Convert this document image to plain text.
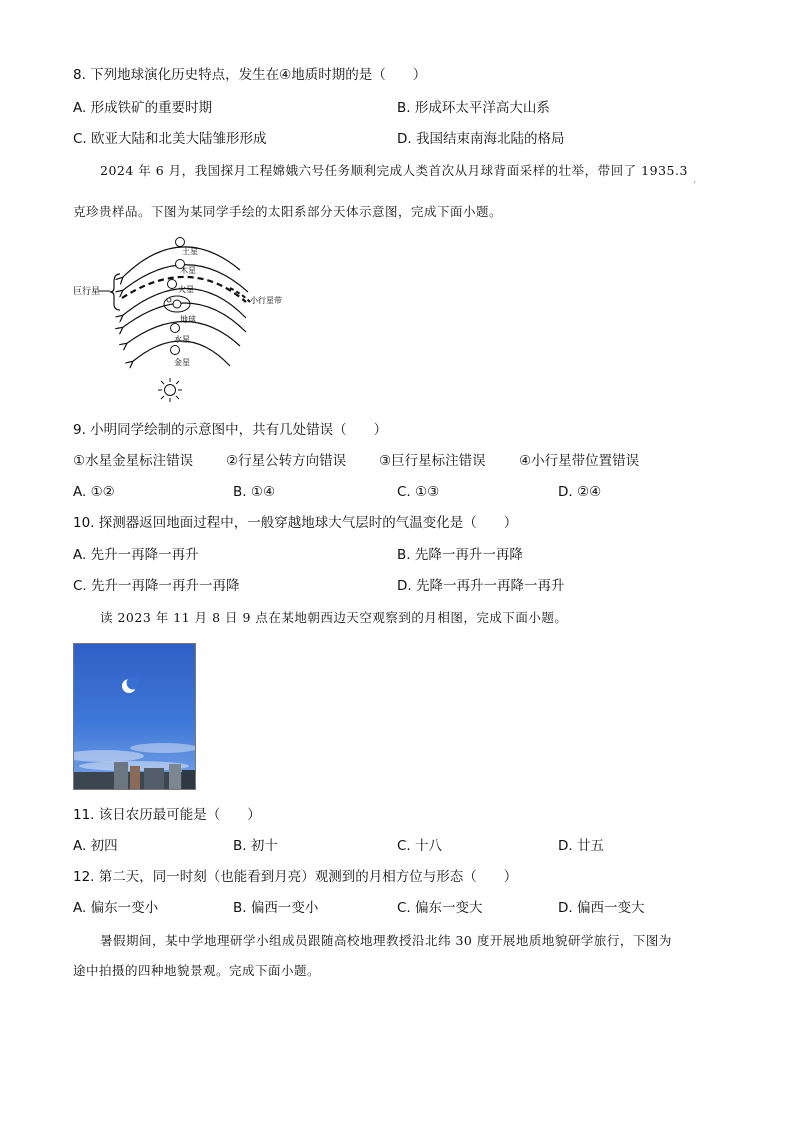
8. 下列地球演化历史特点，发生在④地质时期的是（　　）
A. 形成铁矿的重要时期	B. 形成环太平洋高大山系
C. 欧亚大陆和北美大陆雏形形成	D. 我国结束南海北陆的格局
2024 年 6 月，我国探月工程嫦娥六号任务顺利完成人类首次从月球背面采样的壮举，带回了 1935.3
'
克珍贵样品。下图为某同学手绘的太阳系部分天体示意图，完成下面小题。
土星
木星
火星
地球
水星
金星
巨行星
小行星带
9. 小明同学绘制的示意图中，共有几处错误（　　）
①水星金星标注错误 ②行星公转方向错误 ③巨行星标注错误 ④小行星带位置错误
A. ①②	B. ①④	C. ①③	D. ②④
10. 探测器返回地面过程中，一般穿越地球大气层时的气温变化是（　　）
A. 先升一再降一再升	B. 先降一再升一再降
C. 先升一再降一再升一再降	D. 先降一再升一再降一再升
读 2023 年 11 月 8 日 9 点在某地朝西边天空观察到的月相图，完成下面小题。
11. 该日农历最可能是（　　）
A. 初四	B. 初十	C. 十八	D. 廿五
12. 第二天，同一时刻（也能看到月亮）观测到的月相方位与形态（　　）
A. 偏东一变小	B. 偏西一变小	C. 偏东一变大	D. 偏西一变大
暑假期间，某中学地理研学小组成员跟随高校地理教授沿北纬 30 度开展地质地貌研学旅行，下图为
途中拍摄的四种地貌景观。完成下面小题。
